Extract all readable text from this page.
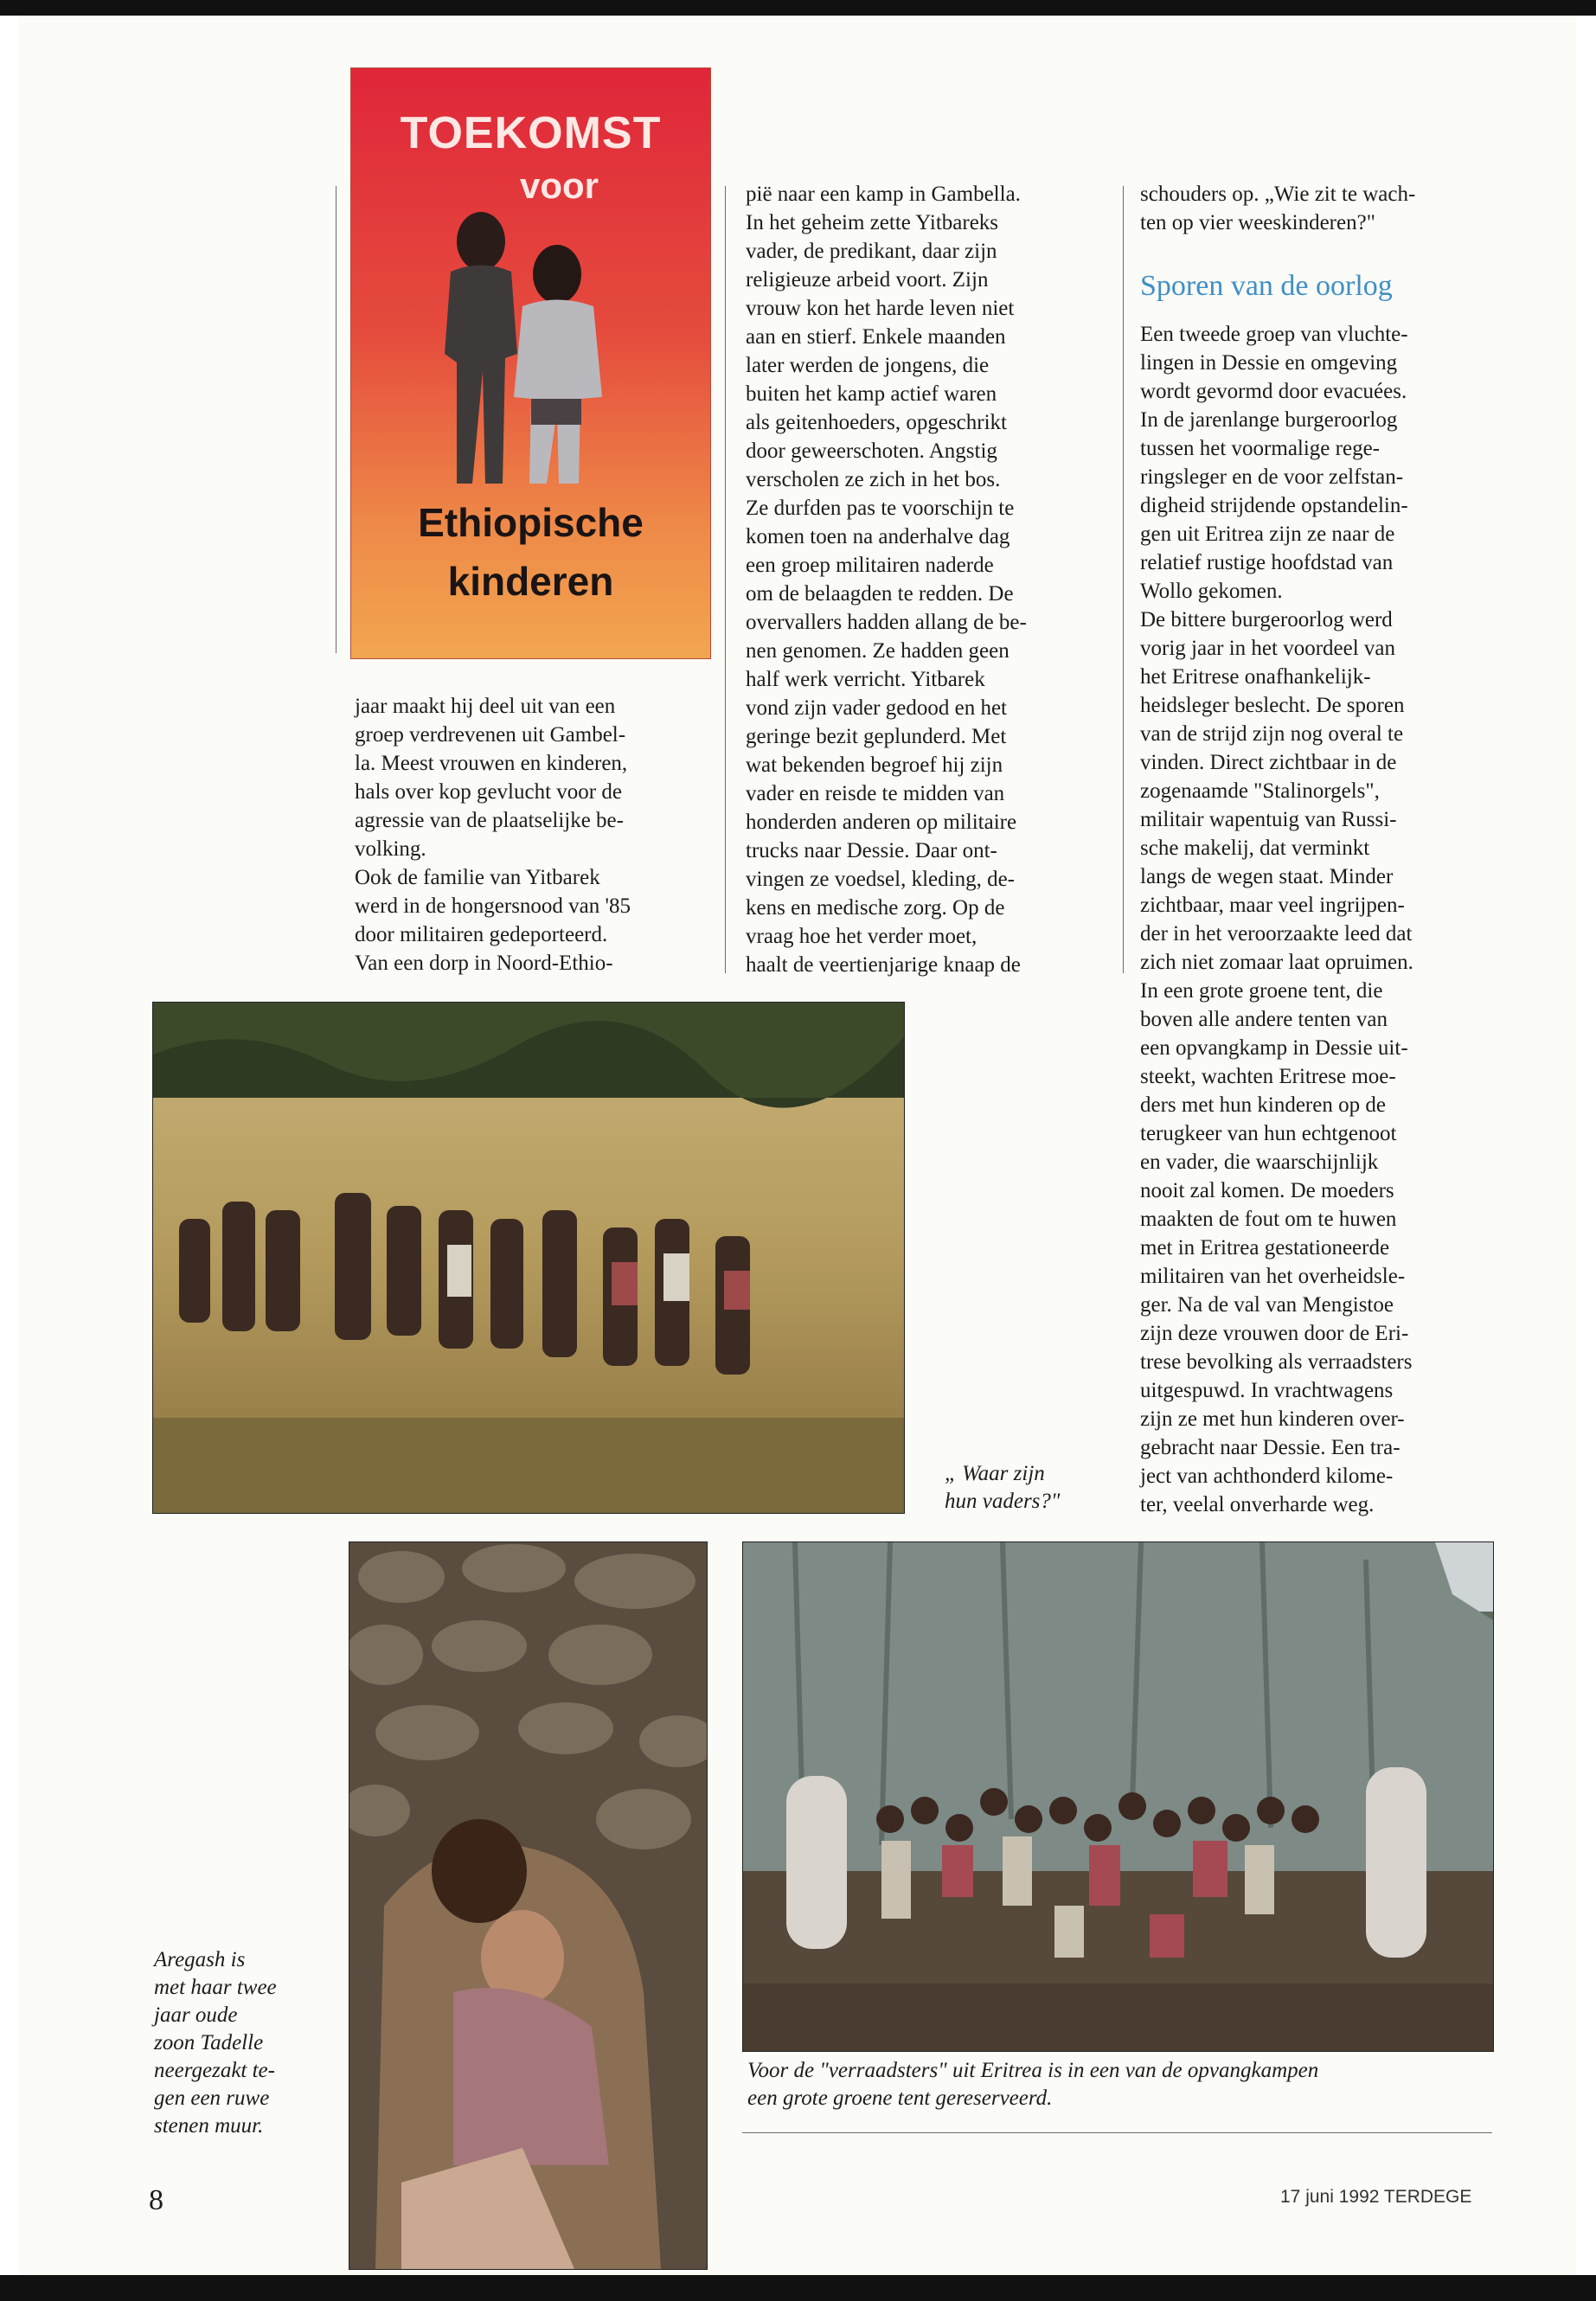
TOEKOMST
voor
Ethiopische
kinderen

jaar maakt hij deel uit van een

groep verdrevenen uit Gambel-

la. Meest vrouwen en kinderen,

hals over kop gevlucht voor de

agressie van de plaatselijke be-

volking.

Ook de familie van Yitbarek

werd in de hongersnood van '85

door militairen gedeporteerd.

Van een dorp in Noord-Ethio-

pië naar een kamp in Gambella.

In het geheim zette Yitbareks

vader, de predikant, daar zijn

religieuze arbeid voort. Zijn

vrouw kon het harde leven niet

aan en stierf. Enkele maanden

later werden de jongens, die

buiten het kamp actief waren

als geitenhoeders, opgeschrikt

door geweerschoten. Angstig

verscholen ze zich in het bos.

Ze durfden pas te voorschijn te

komen toen na anderhalve dag

een groep militairen naderde

om de belaagden te redden. De

overvallers hadden allang de be-

nen genomen. Ze hadden geen

half werk verricht. Yitbarek

vond zijn vader gedood en het

geringe bezit geplunderd. Met

wat bekenden begroef hij zijn

vader en reisde te midden van

honderden anderen op militaire

trucks naar Dessie. Daar ont-

vingen ze voedsel, kleding, de-

kens en medische zorg. Op de

vraag hoe het verder moet,

haalt de veertienjarige knaap de

schouders op. „Wie zit te wach-

ten op vier weeskinderen?"

Sporen van de oorlog

Een tweede groep van vluchte-

lingen in Dessie en omgeving

wordt gevormd door evacuées.

In de jarenlange burgeroorlog

tussen het voormalige rege-

ringsleger en de voor zelfstan-

digheid strijdende opstandelin-

gen uit Eritrea zijn ze naar de

relatief rustige hoofdstad van

Wollo gekomen.

De bittere burgeroorlog werd

vorig jaar in het voordeel van

het Eritrese onafhankelijk-

heidsleger beslecht. De sporen

van de strijd zijn nog overal te

vinden. Direct zichtbaar in de

zogenaamde "Stalinorgels",

militair wapentuig van Russi-

sche makelij, dat verminkt

langs de wegen staat. Minder

zichtbaar, maar veel ingrijpen-

der in het veroorzaakte leed dat

zich niet zomaar laat opruimen.

In een grote groene tent, die

boven alle andere tenten van

een opvangkamp in Dessie uit-

steekt, wachten Eritrese moe-

ders met hun kinderen op de

terugkeer van hun echtgenoot

en vader, die waarschijnlijk

nooit zal komen. De moeders

maakten de fout om te huwen

met in Eritrea gestationeerde

militairen van het overheidsle-

ger. Na de val van Mengistoe

zijn deze vrouwen door de Eri-

trese bevolking als verraadsters

uitgespuwd. In vrachtwagens

zijn ze met hun kinderen over-

gebracht naar Dessie. Een tra-

ject van achthonderd kilome-

ter, veelal onverharde weg.

„ Waar zijn
hun vaders?"
Aregash is
met haar twee
jaar oude
zoon Tadelle
neergezakt te-
gen een ruwe
stenen muur.
Voor de "verraadsters" uit Eritrea is in een van de opvangkampen
een grote groene tent gereserveerd.
8	17 juni 1992 TERDEGE
